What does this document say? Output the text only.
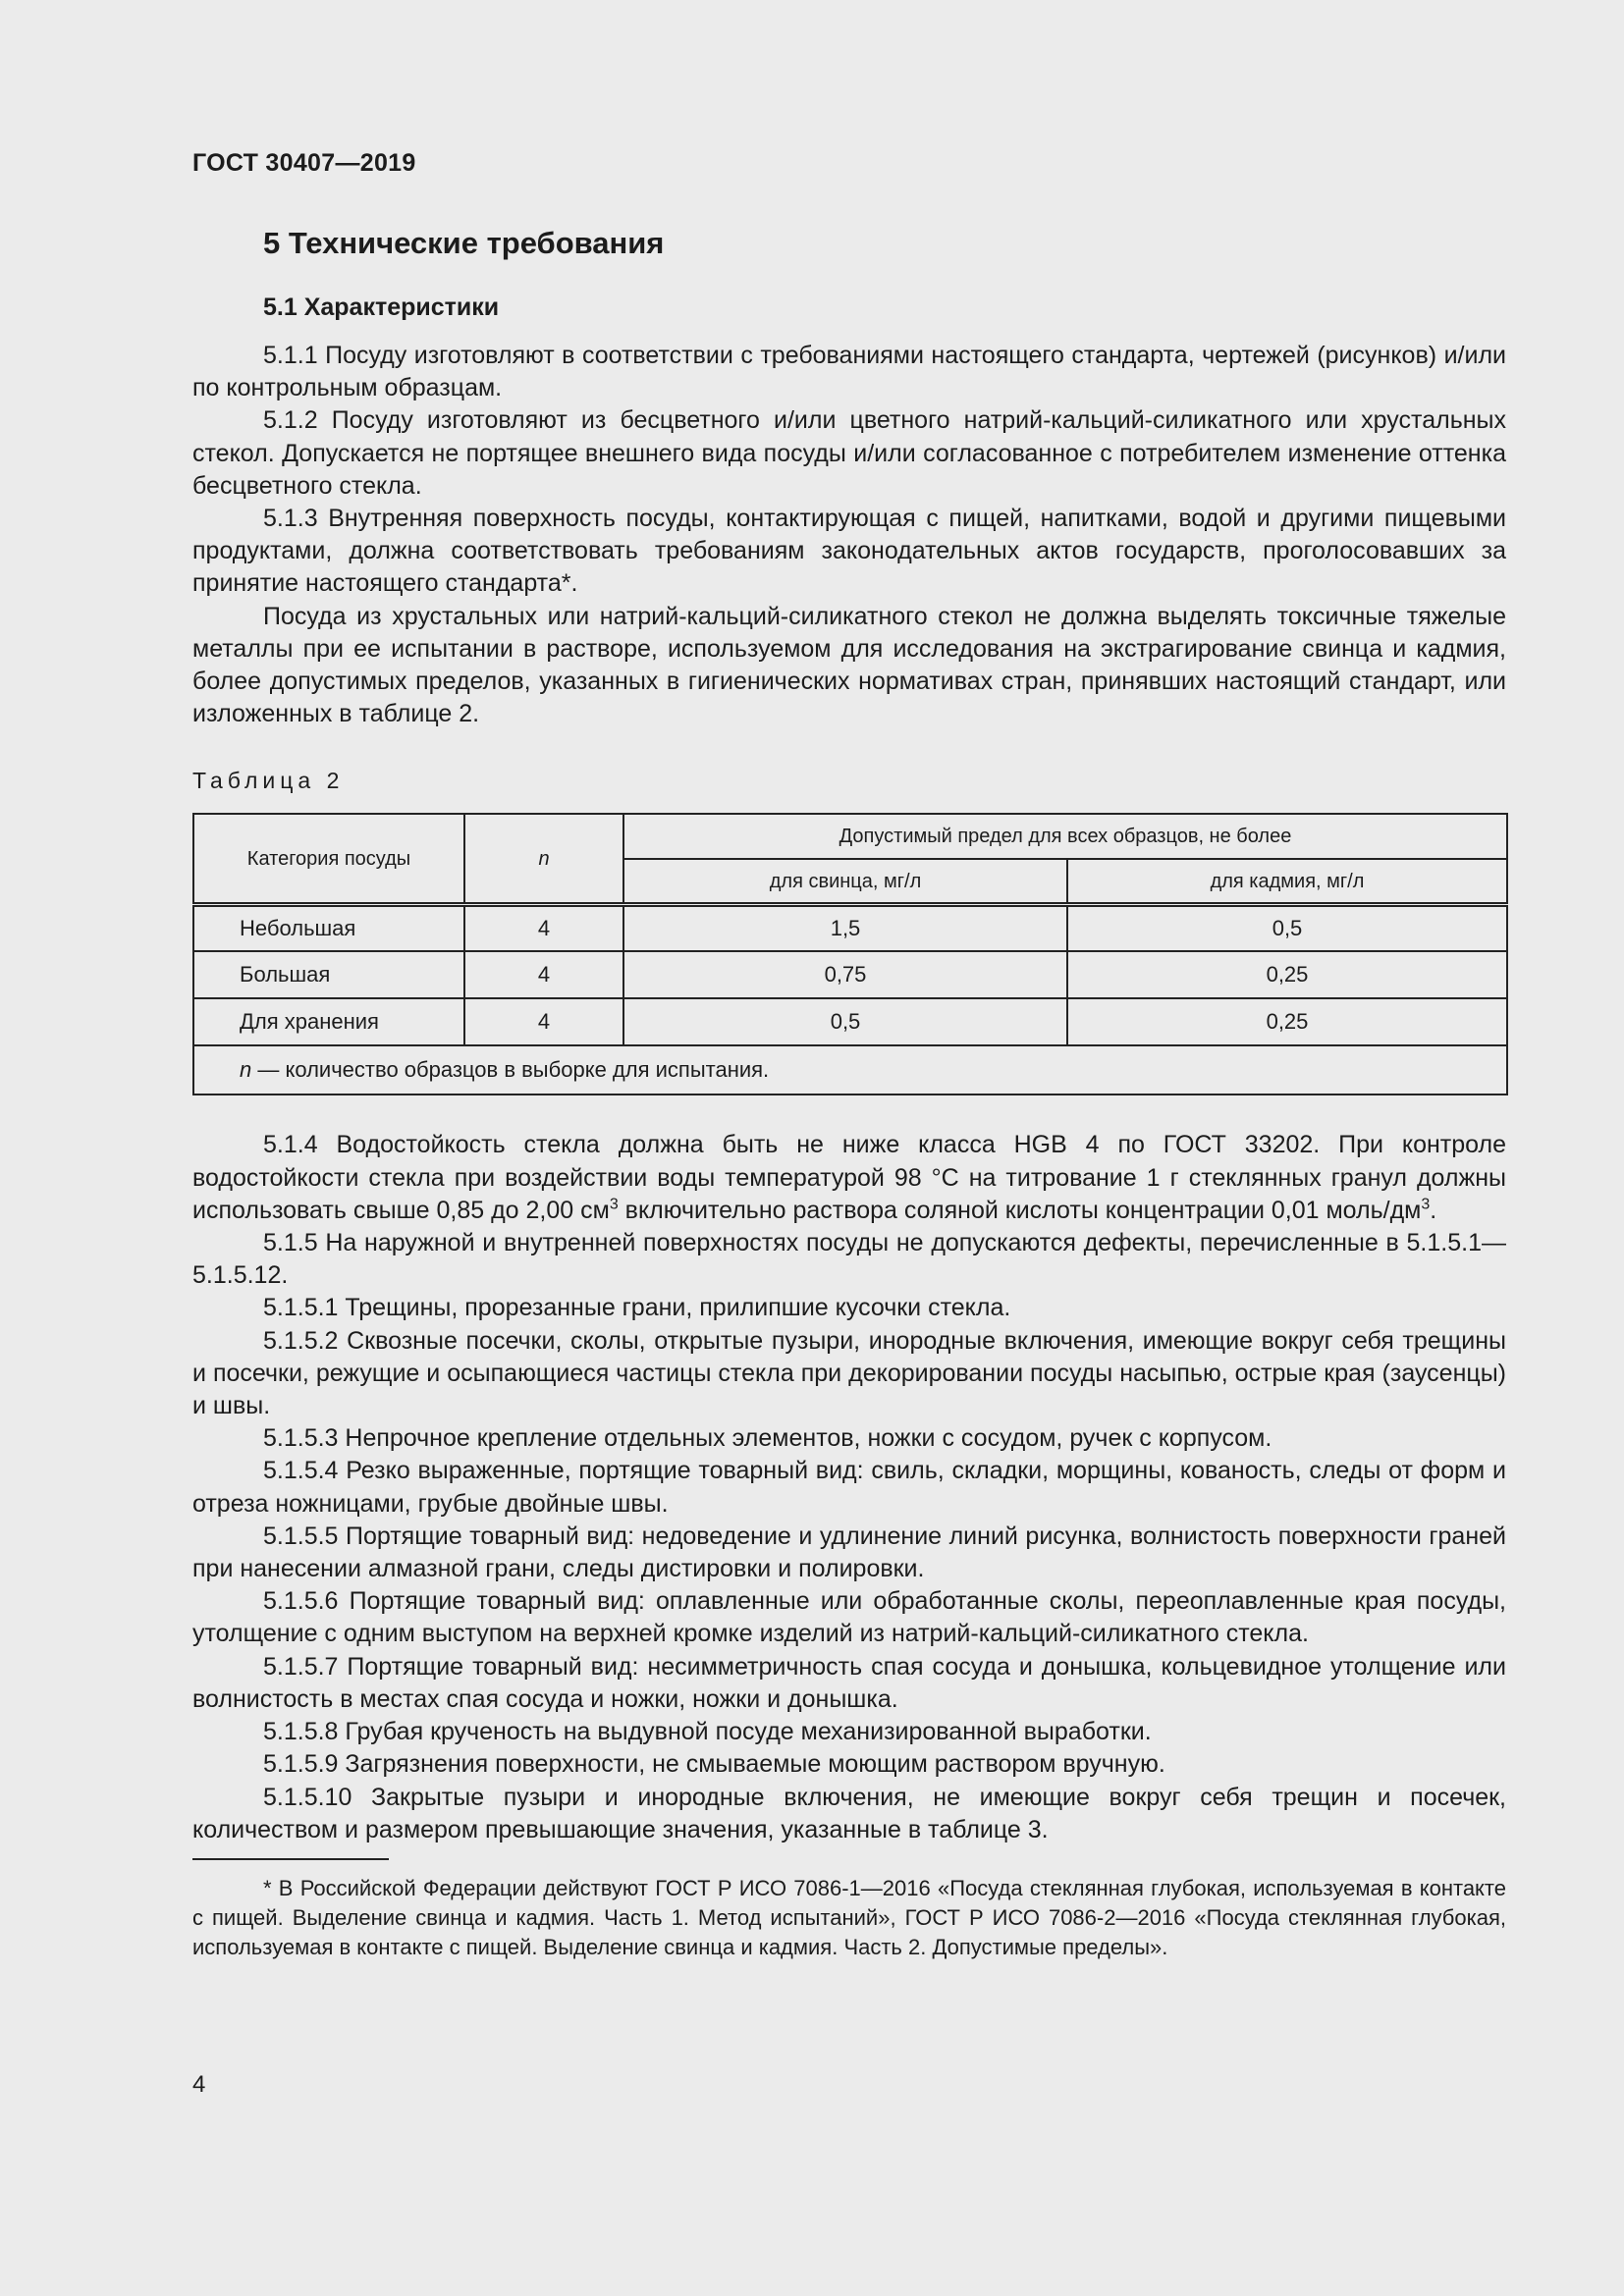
ГОСТ 30407—2019
5 Технические требования
5.1 Характеристики

5.1.1 Посуду изготовляют в соответствии с требованиями настоящего стандарта, чертежей (рисунков) и/или по контрольным образцам.

5.1.2 Посуду изготовляют из бесцветного и/или цветного натрий-кальций-силикатного или хрустальных стекол. Допускается не портящее внешнего вида посуды и/или согласованное с потребителем изменение оттенка бесцветного стекла.

5.1.3 Внутренняя поверхность посуды, контактирующая с пищей, напитками, водой и другими пищевыми продуктами, должна соответствовать требованиям законодательных актов государств, проголосовавших за принятие настоящего стандарта*.

Посуда из хрустальных или натрий-кальций-силикатного стекол не должна выделять токсичные тяжелые металлы при ее испытании в растворе, используемом для исследования на экстрагирование свинца и кадмия, более допустимых пределов, указанных в гигиенических нормативах стран, принявших настоящий стандарт, или изложенных в таблице 2.

Таблица 2
Категория посуды	n	Допустимый предел для всех образцов, не более	
		для свинца, мг/л	для кадмия, мг/л
Небольшая	4	1,5	0,5
Большая	4	0,75	0,25
Для хранения	4	0,5	0,25
n — количество образцов в выборке для испытания.			

5.1.4 Водостойкость стекла должна быть не ниже класса HGB 4 по ГОСТ 33202. При контроле водостойкости стекла при воздействии воды температурой 98 °С на титрование 1 г стеклянных гранул должны использовать свыше 0,85 до 2,00 $см^3$ включительно раствора соляной кислоты концентрации 0,01 моль/$дм^3$.

5.1.5 На наружной и внутренней поверхностях посуды не допускаются дефекты, перечисленные в 5.1.5.1—5.1.5.12.

5.1.5.1 Трещины, прорезанные грани, прилипшие кусочки стекла.

5.1.5.2 Сквозные посечки, сколы, открытые пузыри, инородные включения, имеющие вокруг себя трещины и посечки, режущие и осыпающиеся частицы стекла при декорировании посуды насыпью, острые края (заусенцы) и швы.

5.1.5.3 Непрочное крепление отдельных элементов, ножки с сосудом, ручек с корпусом.

5.1.5.4 Резко выраженные, портящие товарный вид: свиль, складки, морщины, кованость, следы от форм и отреза ножницами, грубые двойные швы.

5.1.5.5 Портящие товарный вид: недоведение и удлинение линий рисунка, волнистость поверхности граней при нанесении алмазной грани, следы дистировки и полировки.

5.1.5.6 Портящие товарный вид: оплавленные или обработанные сколы, переоплавленные края посуды, утолщение с одним выступом на верхней кромке изделий из натрий-кальций-силикатного стекла.

5.1.5.7 Портящие товарный вид: несимметричность спая сосуда и донышка, кольцевидное утолщение или волнистость в местах спая сосуда и ножки, ножки и донышка.

5.1.5.8 Грубая крученость на выдувной посуде механизированной выработки.

5.1.5.9 Загрязнения поверхности, не смываемые моющим раствором вручную.

5.1.5.10 Закрытые пузыри и инородные включения, не имеющие вокруг себя трещин и посечек, количеством и размером превышающие значения, указанные в таблице 3.

* В Российской Федерации действуют ГОСТ Р ИСО 7086-1—2016 «Посуда стеклянная глубокая, используемая в контакте с пищей. Выделение свинца и кадмия. Часть 1. Метод испытаний», ГОСТ Р ИСО 7086-2—2016 «Посуда стеклянная глубокая, используемая в контакте с пищей. Выделение свинца и кадмия. Часть 2. Допустимые пределы».

4
